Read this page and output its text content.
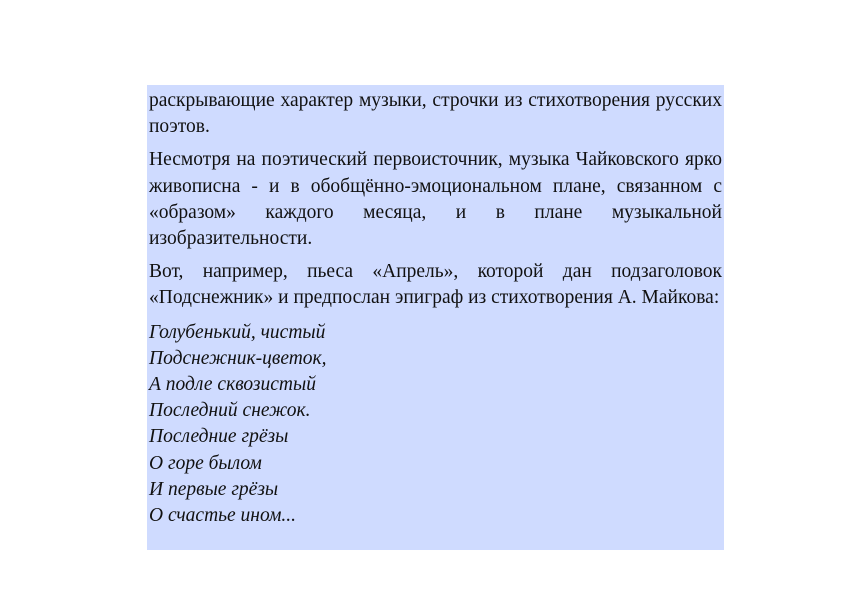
раскрывающие характер музыки, строчки из стихотворения русских поэтов.

Несмотря на поэтический первоисточник, музыка Чайковского ярко живописна - и в обобщённо-эмоциональном плане, связанном с «образом» каждого месяца, и в плане музыкальной изобразительности.

Вот, например, пьеса «Апрель», которой дан подзаголовок «Подснежник» и предпослан эпиграф из стихотворения А. Майкова:

Голубенький, чистый
Подснежник-цветок,
А подле сквозистый
Последний снежок.
Последние грёзы
О горе былом
И первые грёзы
О счастье ином...
